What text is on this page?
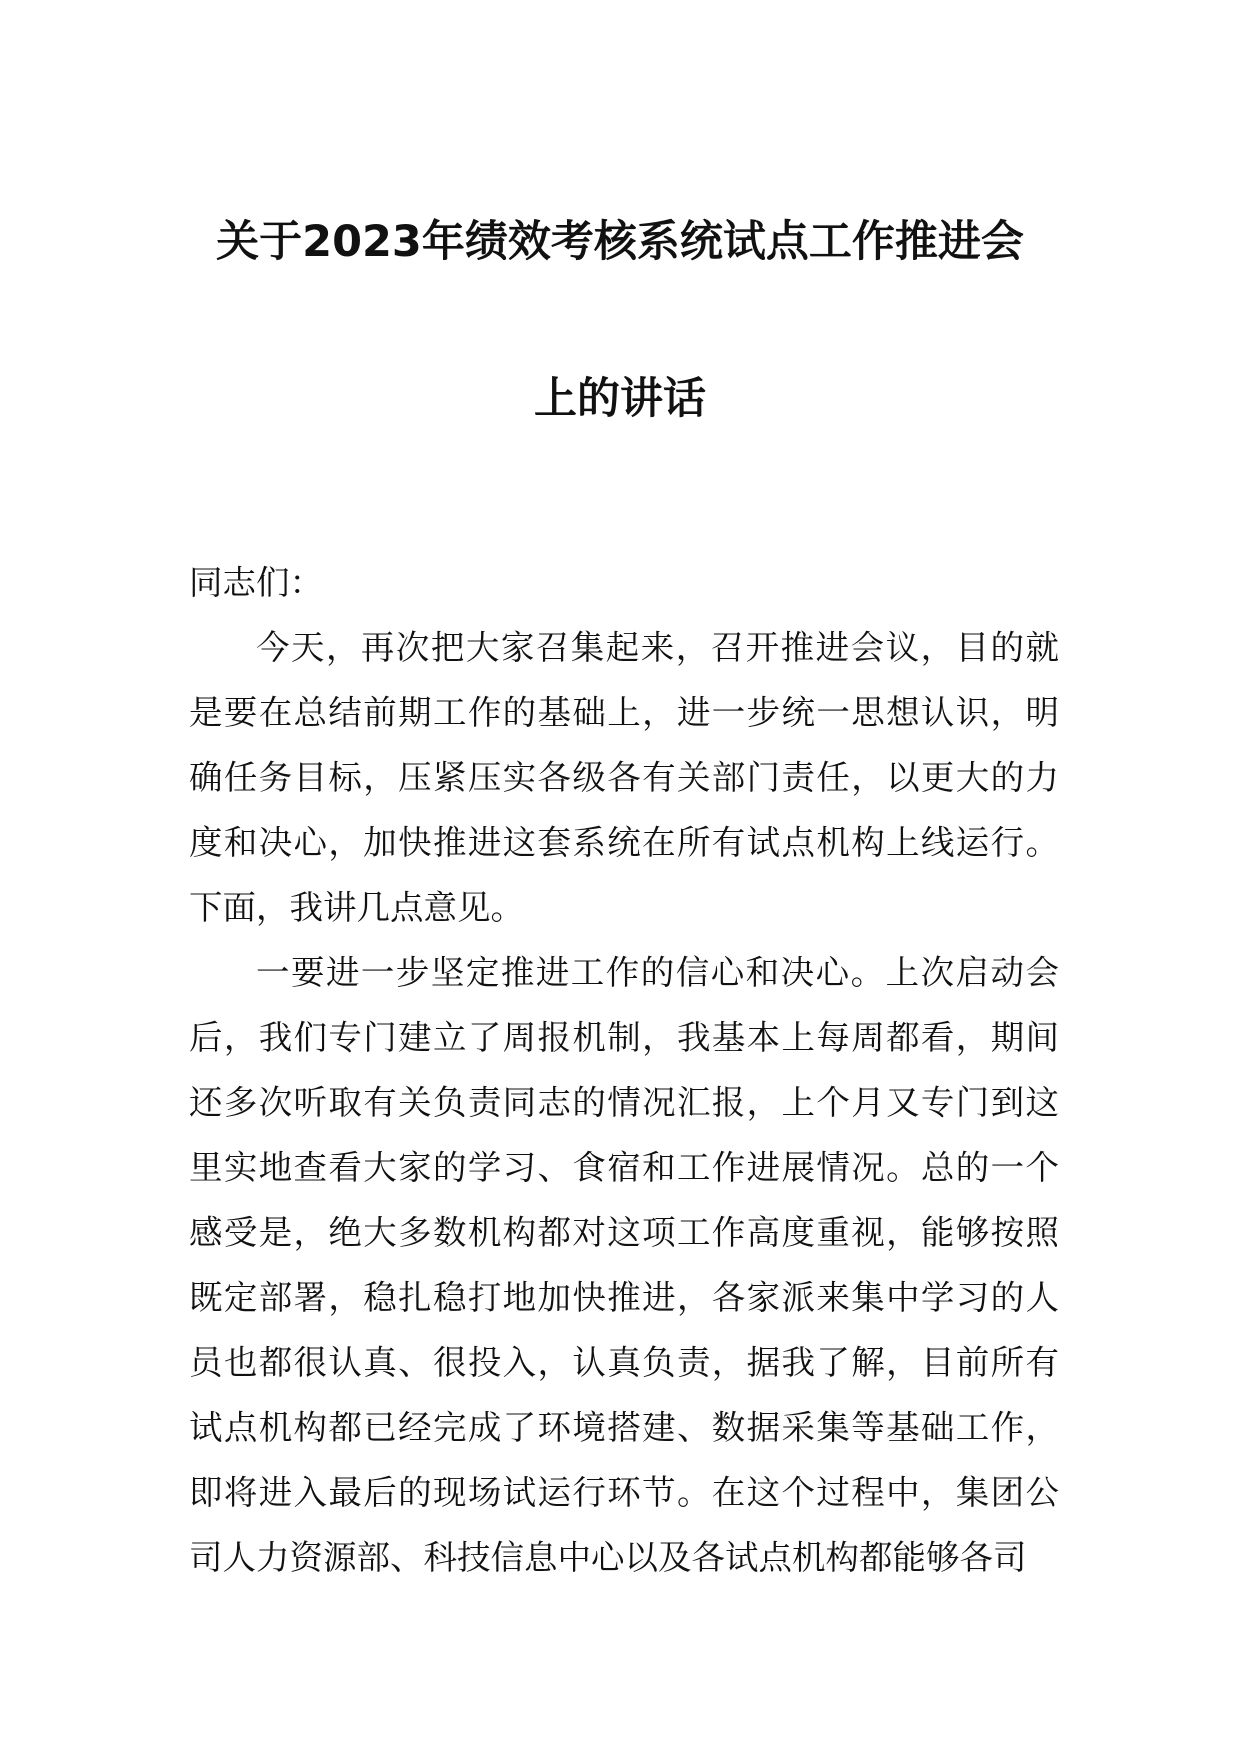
关于2023年绩效考核系统试点工作推进会
上的讲话

同志们：

今天，再次把大家召集起来，召开推进会议，目的就是要在总结前期工作的基础上，进一步统一思想认识，明确任务目标，压紧压实各级各有关部门责任，以更大的力度和决心，加快推进这套系统在所有试点机构上线运行。下面，我讲几点意见。

一要进一步坚定推进工作的信心和决心。上次启动会后，我们专门建立了周报机制，我基本上每周都看，期间还多次听取有关负责同志的情况汇报，上个月又专门到这里实地查看大家的学习、食宿和工作进展情况。总的一个感受是，绝大多数机构都对这项工作高度重视，能够按照既定部署，稳扎稳打地加快推进，各家派来集中学习的人员也都很认真、很投入，认真负责，据我了解，目前所有试点机构都已经完成了环境搭建、数据采集等基础工作，即将进入最后的现场试运行环节。在这个过程中，集团公司人力资源部、科技信息中心以及各试点机构都能够各司
